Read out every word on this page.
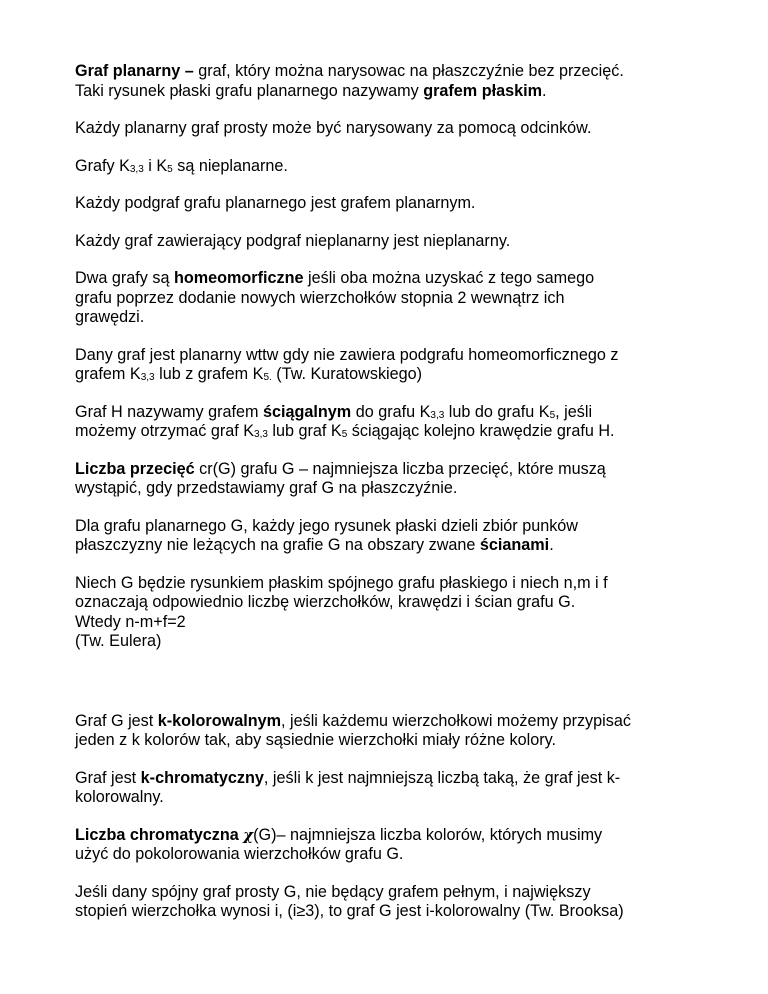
Graf planarny – graf, który można narysowac na płaszczyźnie bez przecięć.
Taki rysunek płaski grafu planarnego nazywamy grafem płaskim.

Każdy planarny graf prosty może być narysowany za pomocą odcinków.

Grafy $K_{3,3}$ i $K_5$ są nieplanarne.

Każdy podgraf grafu planarnego jest grafem planarnym.

Każdy graf zawierający podgraf nieplanarny jest nieplanarny.

Dwa grafy są homeomorficzne jeśli oba można uzyskać z tego samego
grafu poprzez dodanie nowych wierzchołków stopnia 2 wewnątrz ich
grawędzi.

Dany graf jest planarny wttw gdy nie zawiera podgrafu homeomorficznego z
grafem $K_{3,3}$ lub z grafem $K_{5.}$ (Tw. Kuratowskiego)

Graf H nazywamy grafem ściągalnym do grafu $K_{3,3}$ lub do grafu $K_5$, jeśli
możemy otrzymać graf $K_{3,3}$ lub graf $K_5$ ściągając kolejno krawędzie grafu H.

Liczba przecięć cr(G) grafu G – najmniejsza liczba przecięć, które muszą
wystąpić, gdy przedstawiamy graf G na płaszczyźnie.

Dla grafu planarnego G, każdy jego rysunek płaski dzieli zbiór punków
płaszczyzny nie leżących na grafie G na obszary zwane ścianami.

Niech G będzie rysunkiem płaskim spójnego grafu płaskiego i niech n,m i f
oznaczają odpowiednio liczbę wierzchołków, krawędzi i ścian grafu G.
Wtedy n-m+f=2
(Tw. Eulera)

Graf G jest k-kolorowalnym, jeśli każdemu wierzchołkowi możemy przypisać
jeden z k kolorów tak, aby sąsiednie wierzchołki miały różne kolory.

Graf jest k-chromatyczny, jeśli k jest najmniejszą liczbą taką, że graf jest k-
kolorowalny.

Liczba chromatyczna χ(G)– najmniejsza liczba kolorów, których musimy
użyć do pokolorowania wierzchołków grafu G.

Jeśli dany spójny graf prosty G, nie będący grafem pełnym, i największy
stopień wierzchołka wynosi i, (i≥3), to graf G jest i-kolorowalny (Tw. Brooksa)
